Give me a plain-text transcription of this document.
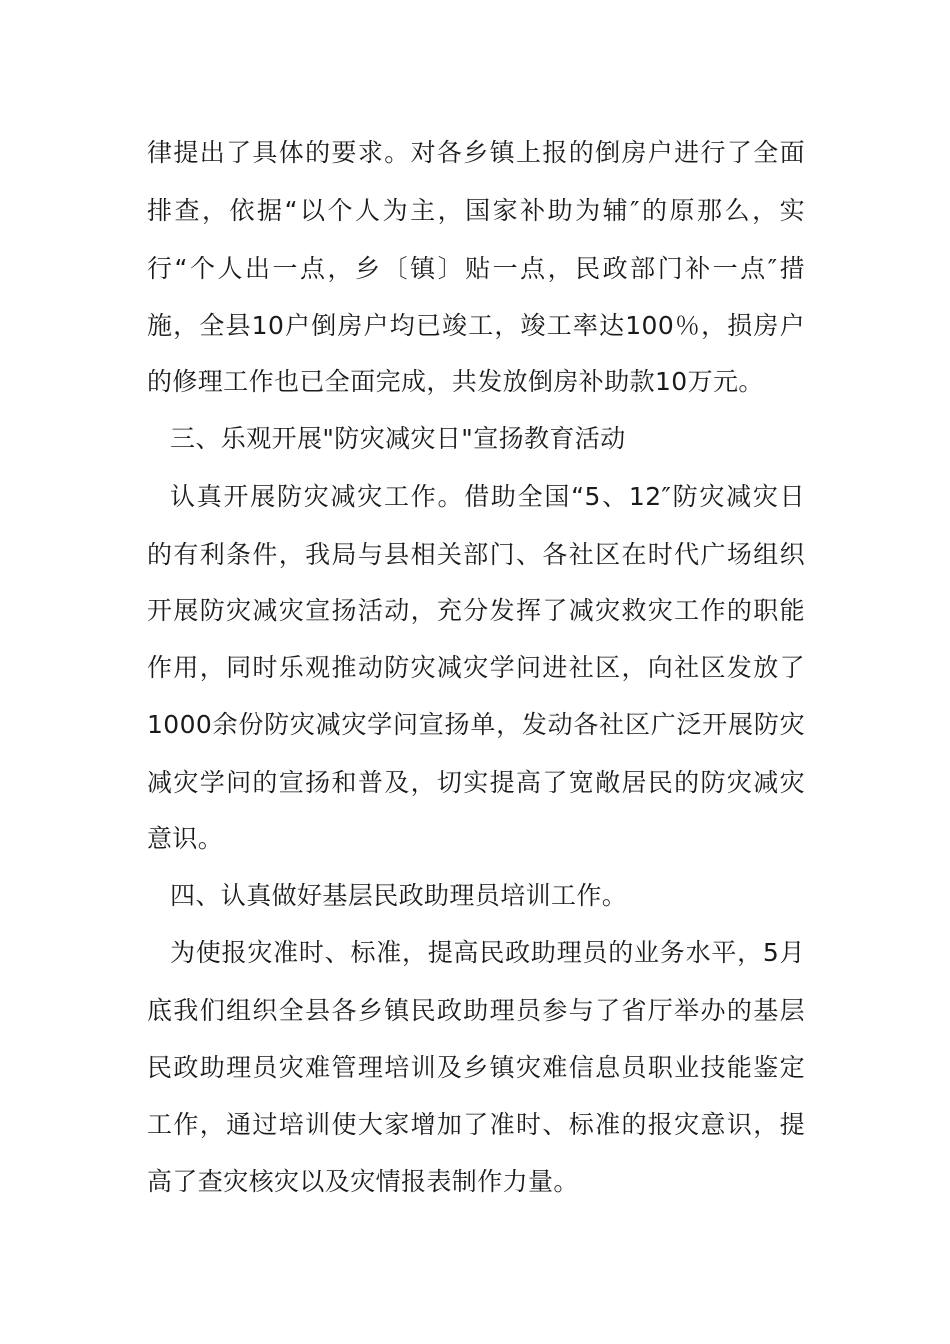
律提出了具体的要求。对各乡镇上报的倒房户进行了全面
排查，依据“以个人为主，国家补助为辅″的原那么，实
行“个人出一点，乡〔镇〕贴一点，民政部门补一点″措
施，全县10户倒房户均已竣工，竣工率达100％，损房户
的修理工作也已全面完成，共发放倒房补助款10万元。
三、乐观开展"防灾减灾日"宣扬教育活动
认真开展防灾减灾工作。借助全国“5、12″防灾减灾日
的有利条件，我局与县相关部门、各社区在时代广场组织
开展防灾减灾宣扬活动，充分发挥了减灾救灾工作的职能
作用，同时乐观推动防灾减灾学问进社区，向社区发放了
1000余份防灾减灾学问宣扬单，发动各社区广泛开展防灾
减灾学问的宣扬和普及，切实提高了宽敞居民的防灾减灾
意识。
四、认真做好基层民政助理员培训工作。
为使报灾准时、标准，提高民政助理员的业务水平，5月
底我们组织全县各乡镇民政助理员参与了省厅举办的基层
民政助理员灾难管理培训及乡镇灾难信息员职业技能鉴定
工作，通过培训使大家增加了准时、标准的报灾意识，提
高了查灾核灾以及灾情报表制作力量。
